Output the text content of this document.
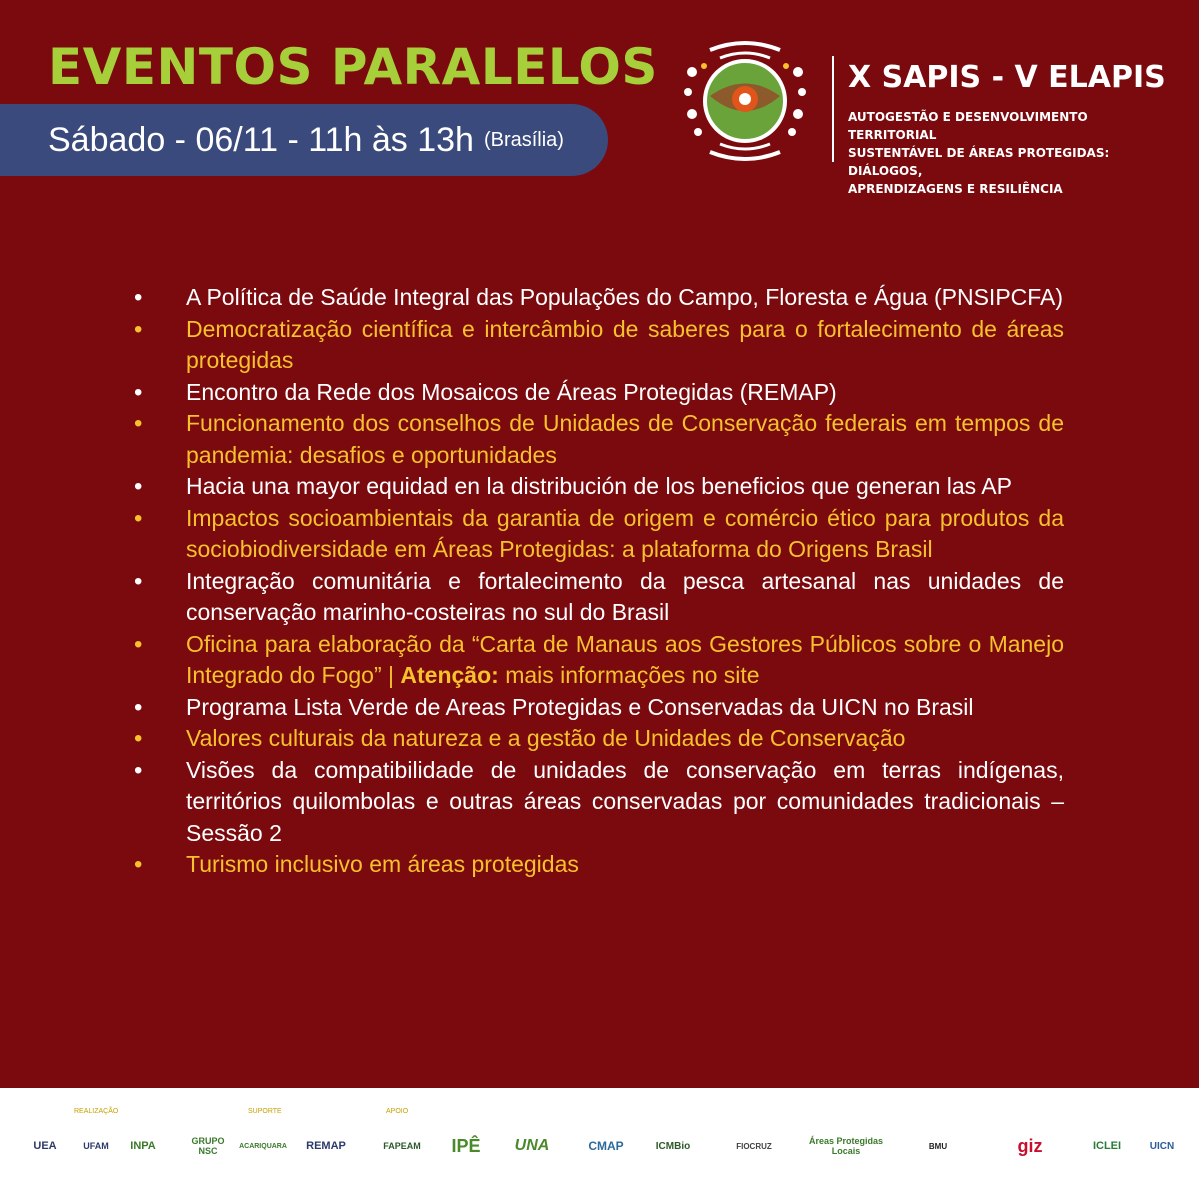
EVENTOS PARALELOS
Sábado - 06/11 - 11h às 13h (Brasília)
X SAPIS - V ELAPIS
AUTOGESTÃO E DESENVOLVIMENTO TERRITORIAL
SUSTENTÁVEL DE ÁREAS PROTEGIDAS: DIÁLOGOS,
APRENDIZAGENS E RESILIÊNCIA
• A Política de Saúde Integral das Populações do Campo, Floresta e Água (PNSIPCFA)
• Democratização científica e intercâmbio de saberes para o fortalecimento de áreas protegidas
• Encontro da Rede dos Mosaicos de Áreas Protegidas (REMAP)
• Funcionamento dos conselhos de Unidades de Conservação federais em tempos de pandemia: desafios e oportunidades
• Hacia una mayor equidad en la distribución de los beneficios que generan las AP
• Impactos socioambientais da garantia de origem e comércio ético para produtos da sociobiodiversidade em Áreas Protegidas: a plataforma do Origens Brasil
• Integração comunitária e fortalecimento da pesca artesanal nas unidades de conservação marinho-costeiras no sul do Brasil
• Oficina para elaboração da “Carta de Manaus aos Gestores Públicos sobre o Manejo Integrado do Fogo” | Atenção: mais informações no site
• Programa Lista Verde de Areas Protegidas e Conservadas da UICN no Brasil
• Valores culturais da natureza e a gestão de Unidades de Conservação
• Visões da compatibilidade de unidades de conservação em terras indígenas, territórios quilombolas e outras áreas conservadas por comunidades tradicionais – Sessão 2
• Turismo inclusivo em áreas protegidas
REALIZAÇÃO	SUPORTE	APOIO
UEA	UFAM	INPA	GRUPO NSC	ACARIQUARA	REMAP	FAPEAM	IPÊ	UNA	CMAP	ICMBio	FIOCRUZ	Áreas Protegidas Locais	BMU	giz	ICLEI	UICN
